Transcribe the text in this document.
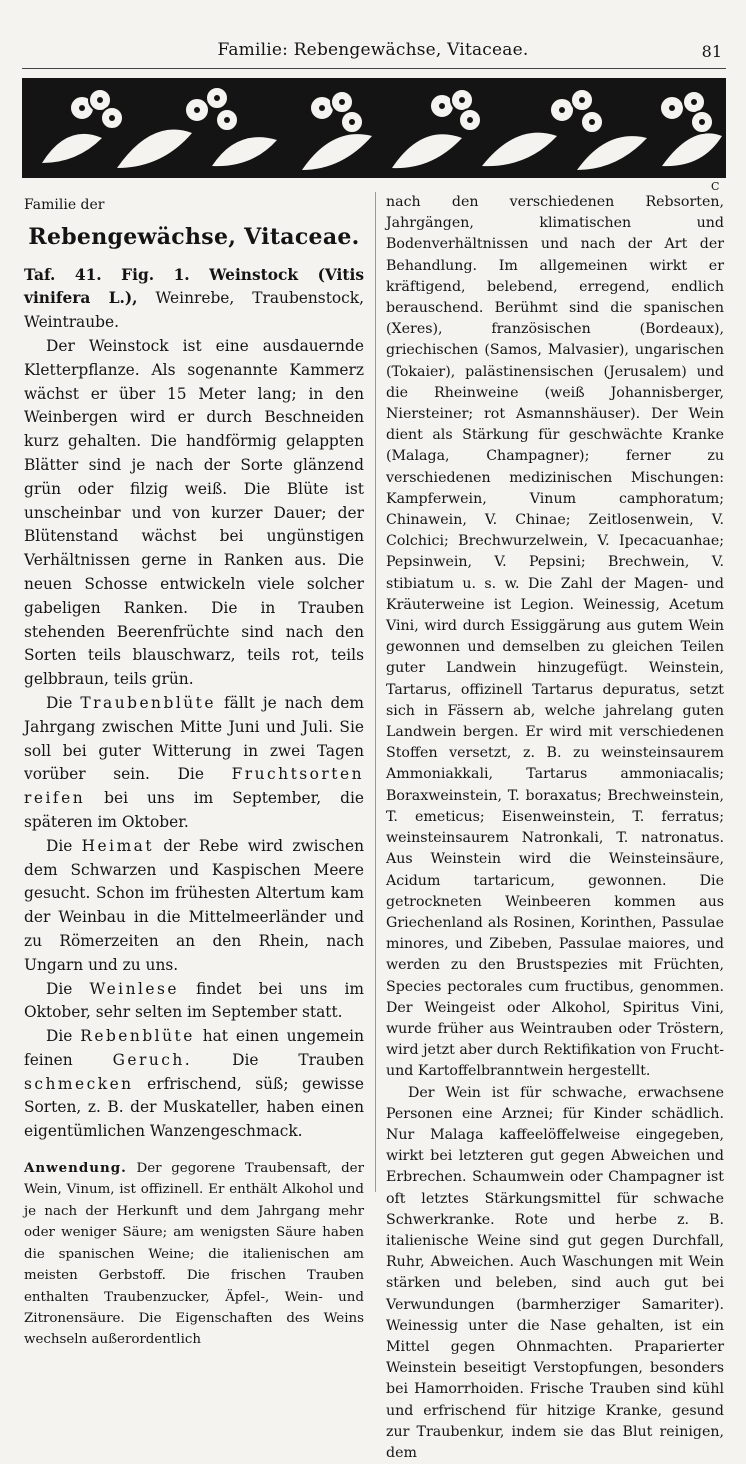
Familie: Rebengewächse, Vitaceae.	81
C
Familie der
Rebengewächse, Vitaceae.

Taf. 41. Fig. 1. Weinstock (Vitis vinifera L.), Weinrebe, Traubenstock, Weintraube.

Der Weinstock ist eine ausdauernde Kletterpflanze. Als sogenannte Kammerz wächst er über 15 Meter lang; in den Weinbergen wird er durch Beschneiden kurz gehalten. Die handförmig gelappten Blätter sind je nach der Sorte glänzend grün oder filzig weiß. Die Blüte ist unscheinbar und von kurzer Dauer; der Blütenstand wächst bei ungünstigen Verhältnissen gerne in Ranken aus. Die neuen Schosse entwickeln viele solcher gabeligen Ranken. Die in Trauben stehenden Beerenfrüchte sind nach den Sorten teils blauschwarz, teils rot, teils gelbbraun, teils grün.

Die Traubenblüte fällt je nach dem Jahrgang zwischen Mitte Juni und Juli. Sie soll bei guter Witterung in zwei Tagen vorüber sein. Die Fruchtsorten reifen bei uns im September, die späteren im Oktober.

Die Heimat der Rebe wird zwischen dem Schwarzen und Kaspischen Meere gesucht. Schon im frühesten Altertum kam der Weinbau in die Mittelmeerländer und zu Römerzeiten an den Rhein, nach Ungarn und zu uns.

Die Weinlese findet bei uns im Oktober, sehr selten im September statt.

Die Rebenblüte hat einen ungemein feinen Geruch. Die Trauben schmecken erfrischend, süß; gewisse Sorten, z. B. der Muskateller, haben einen eigentümlichen Wanzengeschmack.

Anwendung. Der gegorene Traubensaft, der Wein, Vinum, ist offizinell. Er enthält Alkohol und je nach der Herkunft und dem Jahrgang mehr oder weniger Säure; am wenigsten Säure haben die spanischen Weine; die italienischen am meisten Gerbstoff. Die frischen Trauben enthalten Traubenzucker, Äpfel-, Wein- und Zitronensäure. Die Eigenschaften des Weins wechseln außerordentlich

nach den verschiedenen Rebsorten, Jahrgängen, klimatischen und Bodenverhältnissen und nach der Art der Behandlung. Im allgemeinen wirkt er kräftigend, belebend, erregend, endlich berauschend. Berühmt sind die spanischen (Xeres), französischen (Bordeaux), griechischen (Samos, Malvasier), ungarischen (Tokaier), palästinensischen (Jerusalem) und die Rheinweine (weiß Johannisberger, Niersteiner; rot Asmannshäuser). Der Wein dient als Stärkung für geschwächte Kranke (Malaga, Champagner); ferner zu verschiedenen medizinischen Mischungen: Kampferwein, Vinum camphoratum; Chinawein, V. Chinae; Zeitlosenwein, V. Colchici; Brechwurzelwein, V. Ipecacuanhae; Pepsinwein, V. Pepsini; Brechwein, V. stibiatum u. s. w. Die Zahl der Magen- und Kräuterweine ist Legion. Weinessig, Acetum Vini, wird durch Essiggärung aus gutem Wein gewonnen und demselben zu gleichen Teilen guter Landwein hinzugefügt. Weinstein, Tartarus, offizinell Tartarus depuratus, setzt sich in Fässern ab, welche jahrelang guten Landwein bergen. Er wird mit verschiedenen Stoffen versetzt, z. B. zu weinsteinsaurem Ammoniakkali, Tartarus ammoniacalis; Boraxweinstein, T. boraxatus; Brechweinstein, T. emeticus; Eisenweinstein, T. ferratus; weinsteinsaurem Natronkali, T. natronatus. Aus Weinstein wird die Weinsteinsäure, Acidum tartaricum, gewonnen. Die getrockneten Weinbeeren kommen aus Griechenland als Rosinen, Korinthen, Passulae minores, und Zibeben, Passulae maiores, und werden zu den Brustspezies mit Früchten, Species pectorales cum fructibus, genommen. Der Weingeist oder Alkohol, Spiritus Vini, wurde früher aus Weintrauben oder Tröstern, wird jetzt aber durch Rektifikation von Frucht- und Kartoffelbranntwein hergestellt.

Der Wein ist für schwache, erwachsene Personen eine Arznei; für Kinder schädlich. Nur Malaga kaffeelöffelweise eingegeben, wirkt bei letzteren gut gegen Abweichen und Erbrechen. Schaumwein oder Champagner ist oft letztes Stärkungsmittel für schwache Schwerkranke. Rote und herbe z. B. italienische Weine sind gut gegen Durchfall, Ruhr, Abweichen. Auch Waschungen mit Wein stärken und beleben, sind auch gut bei Verwundungen (barmherziger Samariter). Weinessig unter die Nase gehalten, ist ein Mittel gegen Ohnmachten. Praparierter Weinstein beseitigt Verstopfungen, besonders bei Hamorrhoiden. Frische Trauben sind kühl und erfrischend für hitzige Kranke, gesund zur Traubenkur, indem sie das Blut reinigen, dem
